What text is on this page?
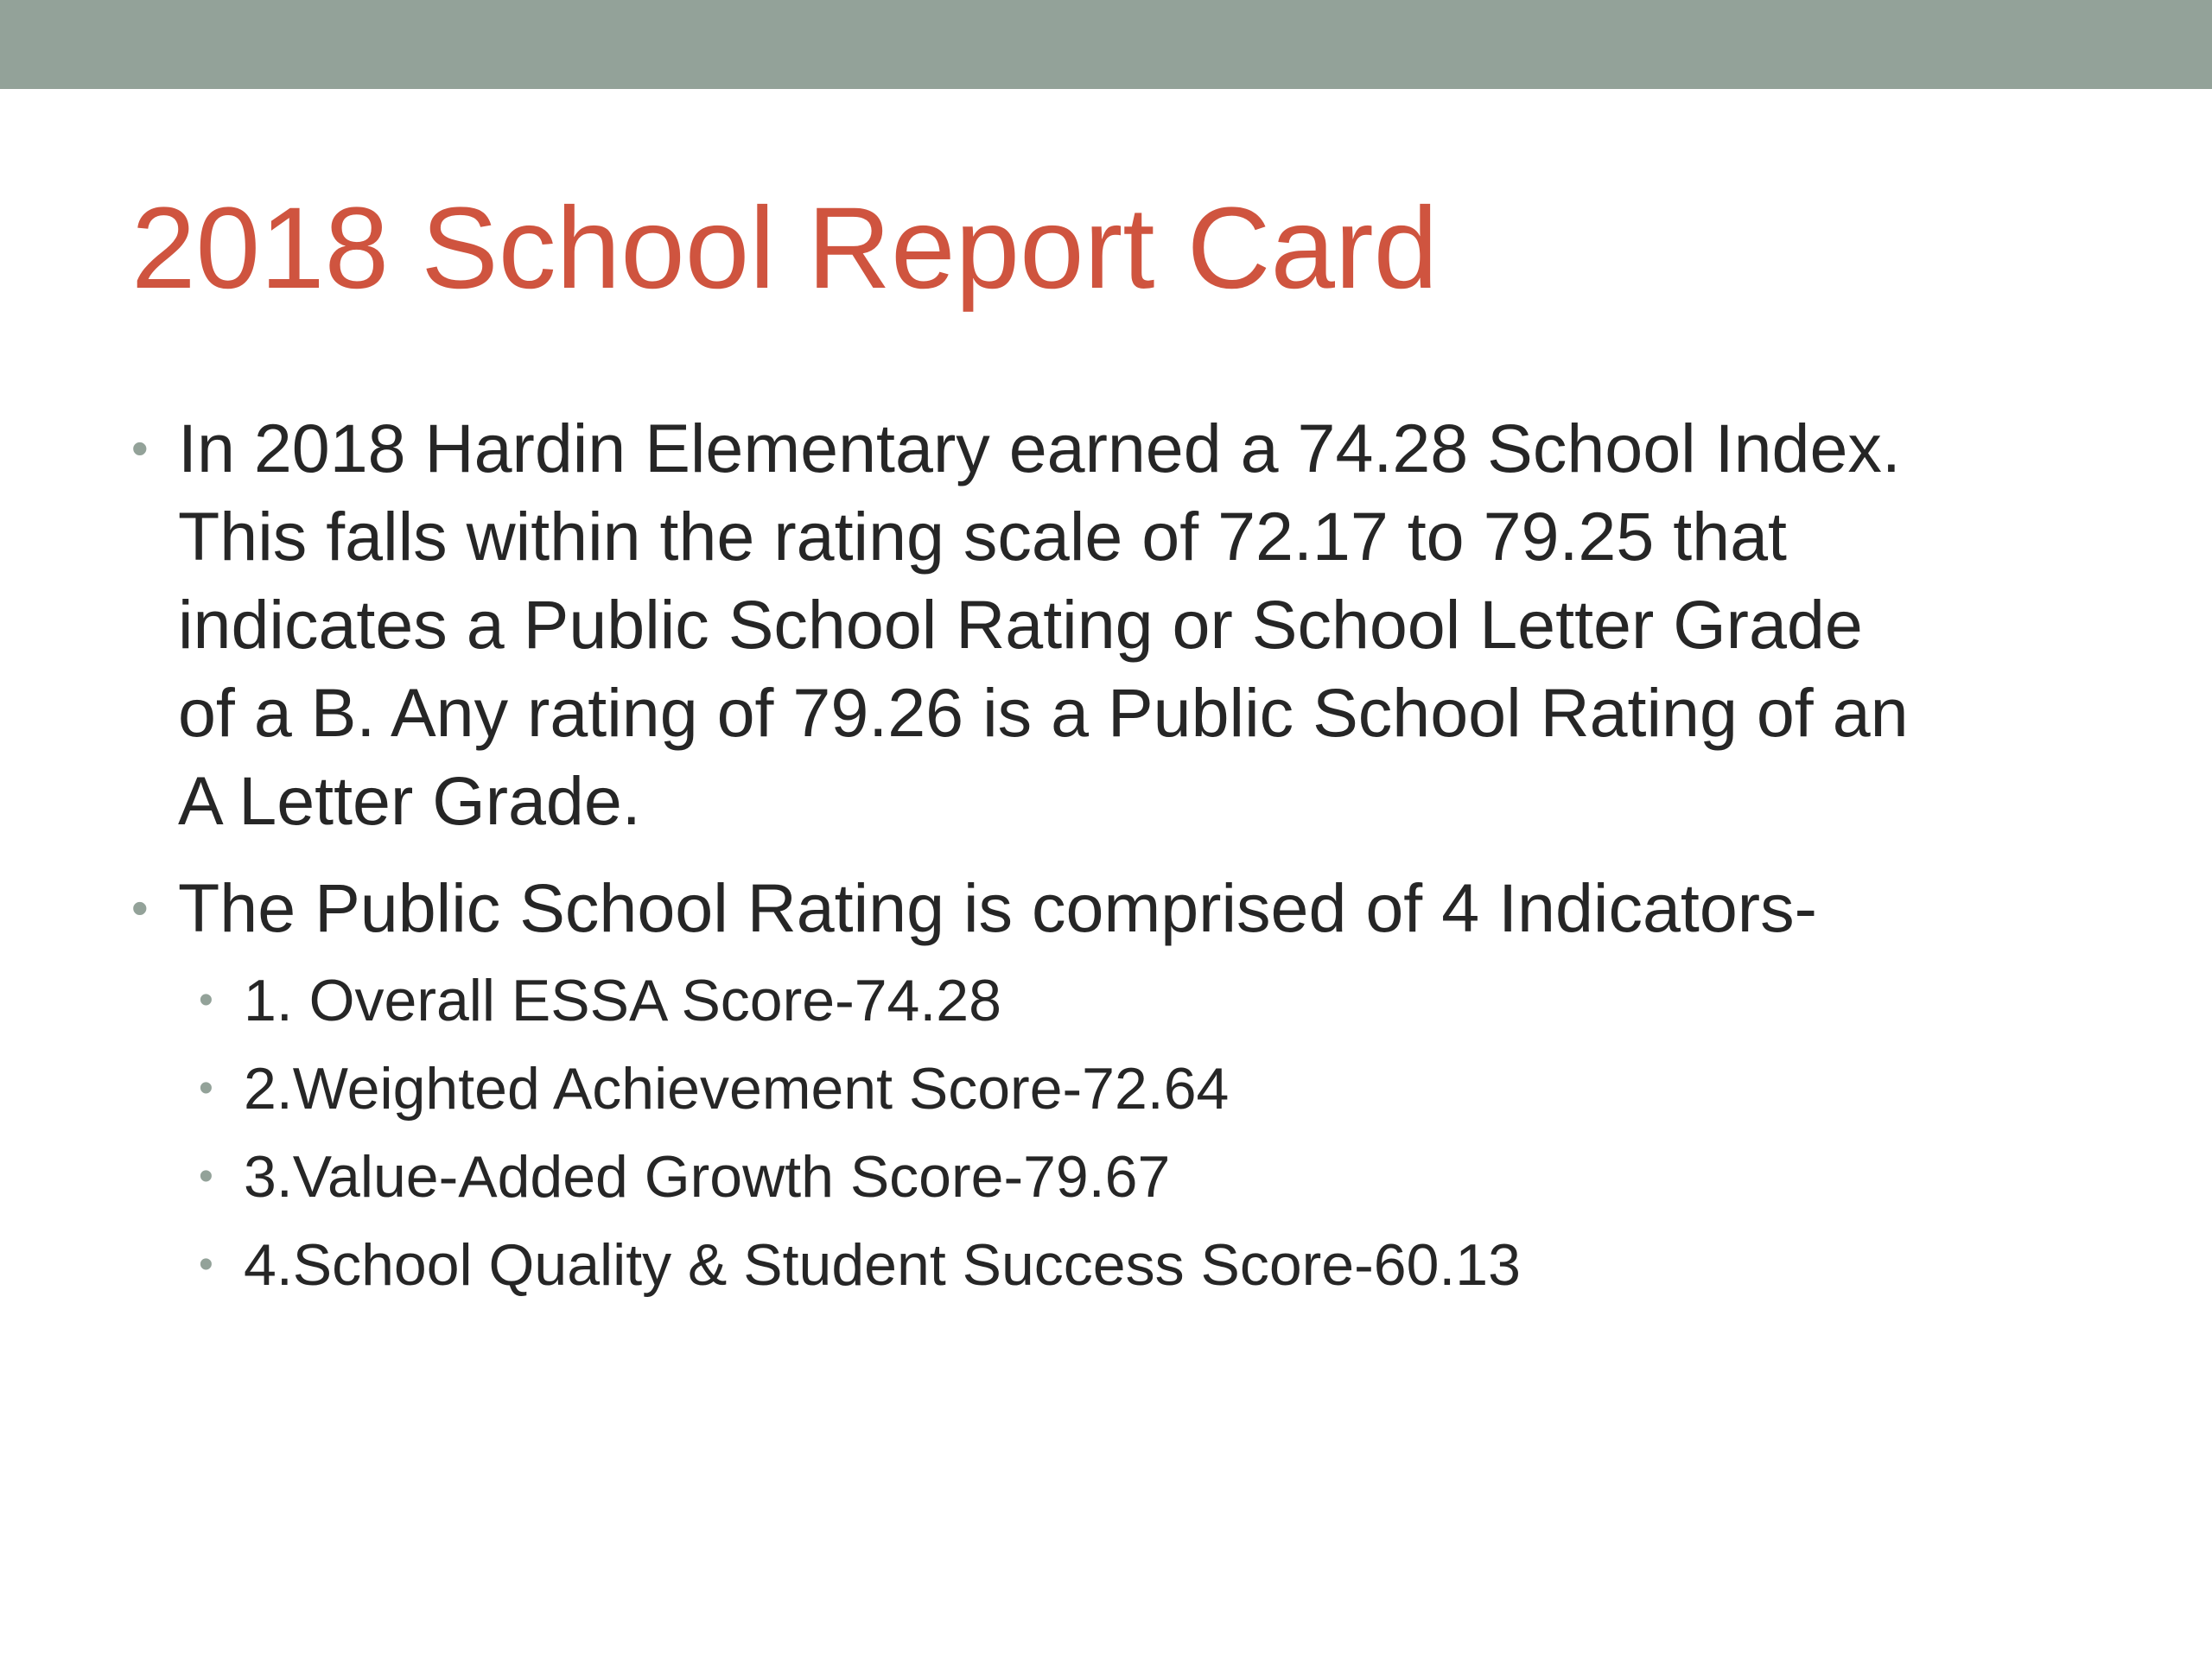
2018 School Report Card
• In 2018 Hardin Elementary earned a 74.28 School Index.
This falls within the rating scale of 72.17 to 79.25 that
indicates a Public School Rating or School Letter Grade
of a B. Any rating of 79.26 is a Public School Rating of an
A Letter Grade.
• The Public School Rating is comprised of 4 Indicators-
• 1. Overall ESSA Score-74.28
• 2.Weighted Achievement Score-72.64
• 3.Value-Added Growth Score-79.67
• 4.School Quality & Student Success Score-60.13
